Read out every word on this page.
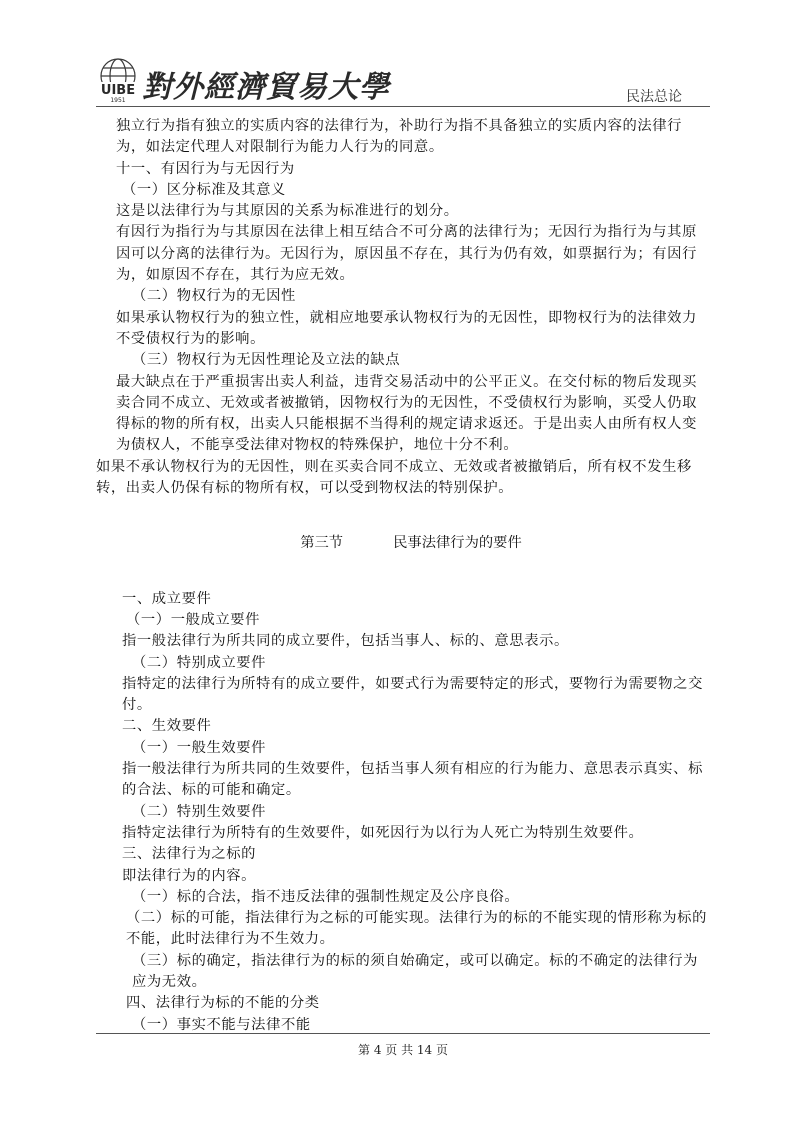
UIBE
1951 對外經濟貿易大學	民法总论

独立行为指有独立的实质内容的法律行为，补助行为指不具备独立的实质内容的法律行为，如法定代理人对限制行为能力人行为的同意。

十一、有因行为与无因行为

（一）区分标准及其意义

这是以法律行为与其原因的关系为标准进行的划分。

有因行为指行为与其原因在法律上相互结合不可分离的法律行为；无因行为指行为与其原因可以分离的法律行为。无因行为，原因虽不存在，其行为仍有效，如票据行为；有因行为，如原因不存在，其行为应无效。

（二）物权行为的无因性

如果承认物权行为的独立性，就相应地要承认物权行为的无因性，即物权行为的法律效力不受债权行为的影响。

（三）物权行为无因性理论及立法的缺点

最大缺点在于严重损害出卖人利益，违背交易活动中的公平正义。在交付标的物后发现买卖合同不成立、无效或者被撤销，因物权行为的无因性，不受债权行为影响，买受人仍取得标的物的所有权，出卖人只能根据不当得利的规定请求返还。于是出卖人由所有权人变为债权人，不能享受法律对物权的特殊保护，地位十分不利。

如果不承认物权行为的无因性，则在买卖合同不成立、无效或者被撤销后，所有权不发生移转，出卖人仍保有标的物所有权，可以受到物权法的特别保护。

第三节	民事法律行为的要件

一、成立要件

（一）一般成立要件

指一般法律行为所共同的成立要件，包括当事人、标的、意思表示。

（二）特别成立要件

指特定的法律行为所特有的成立要件，如要式行为需要特定的形式，要物行为需要物之交付。

二、生效要件

（一）一般生效要件

指一般法律行为所共同的生效要件，包括当事人须有相应的行为能力、意思表示真实、标的合法、标的可能和确定。

（二）特别生效要件

指特定法律行为所特有的生效要件，如死因行为以行为人死亡为特别生效要件。

三、法律行为之标的

即法律行为的内容。

（一）标的合法，指不违反法律的强制性规定及公序良俗。

（二）标的可能，指法律行为之标的可能实现。法律行为的标的不能实现的情形称为标的不能，此时法律行为不生效力。

（三）标的确定，指法律行为的标的须自始确定，或可以确定。标的不确定的法律行为应为无效。

四、法律行为标的不能的分类

（一）事实不能与法律不能

第 4 页 共 14 页
